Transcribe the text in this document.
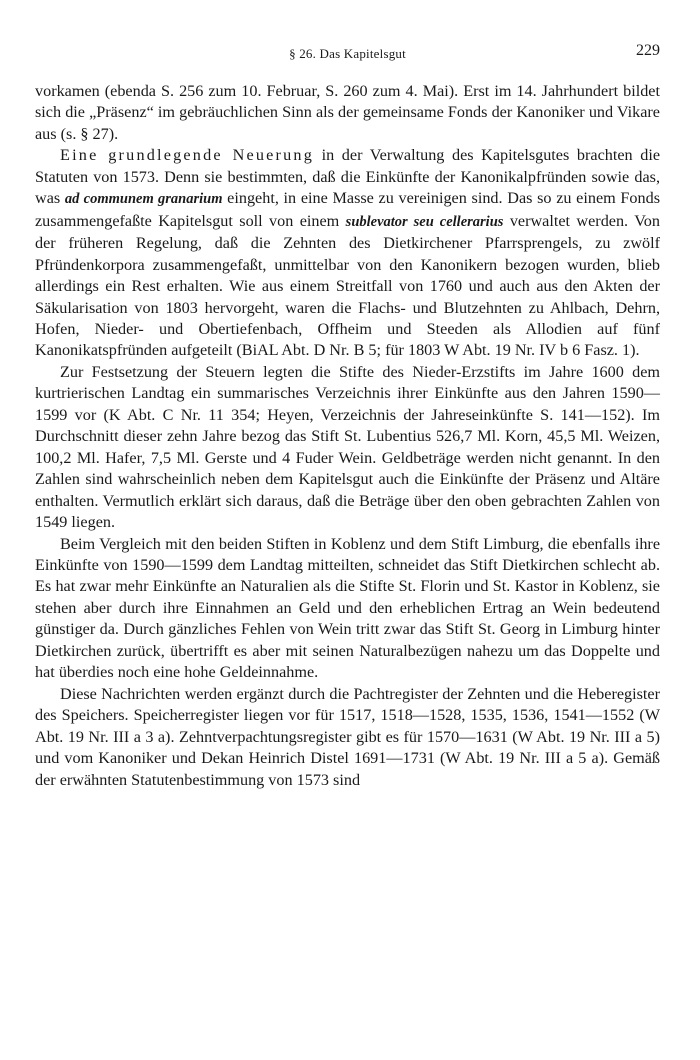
§ 26. Das Kapitelsgut	229

vorkamen (ebenda S. 256 zum 10. Februar, S. 260 zum 4. Mai). Erst im 14. Jahrhundert bildet sich die „Präsenz“ im gebräuchlichen Sinn als der gemeinsame Fonds der Kanoniker und Vikare aus (s. § 27).

Eine grundlegende Neuerung in der Verwaltung des Kapitelsgutes brachten die Statuten von 1573. Denn sie bestimmten, daß die Einkünfte der Kanonikalpfründen sowie das, was ad communem granarium eingeht, in eine Masse zu vereinigen sind. Das so zu einem Fonds zusammengefaßte Kapitelsgut soll von einem sublevator seu cellerarius verwaltet werden. Von der früheren Regelung, daß die Zehnten des Dietkirchener Pfarrsprengels, zu zwölf Pfründenkorpora zusammengefaßt, unmittelbar von den Kanonikern bezogen wurden, blieb allerdings ein Rest erhalten. Wie aus einem Streitfall von 1760 und auch aus den Akten der Säkularisation von 1803 hervorgeht, waren die Flachs- und Blutzehnten zu Ahlbach, Dehrn, Hofen, Nieder- und Obertiefenbach, Offheim und Steeden als Allodien auf fünf Kanonikatspfründen aufgeteilt (BiAL Abt. D Nr. B 5; für 1803 W Abt. 19 Nr. IV b 6 Fasz. 1).

Zur Festsetzung der Steuern legten die Stifte des Nieder-Erzstifts im Jahre 1600 dem kurtrierischen Landtag ein summarisches Verzeichnis ihrer Einkünfte aus den Jahren 1590—1599 vor (K Abt. C Nr. 11 354; Heyen, Verzeichnis der Jahreseinkünfte S. 141—152). Im Durchschnitt dieser zehn Jahre bezog das Stift St. Lubentius 526,7 Ml. Korn, 45,5 Ml. Weizen, 100,2 Ml. Hafer, 7,5 Ml. Gerste und 4 Fuder Wein. Geldbeträge werden nicht genannt. In den Zahlen sind wahrscheinlich neben dem Kapitelsgut auch die Einkünfte der Präsenz und Altäre enthalten. Vermutlich erklärt sich daraus, daß die Beträge über den oben gebrachten Zahlen von 1549 liegen.

Beim Vergleich mit den beiden Stiften in Koblenz und dem Stift Limburg, die ebenfalls ihre Einkünfte von 1590—1599 dem Landtag mitteilten, schneidet das Stift Dietkirchen schlecht ab. Es hat zwar mehr Einkünfte an Naturalien als die Stifte St. Florin und St. Kastor in Koblenz, sie stehen aber durch ihre Einnahmen an Geld und den erheblichen Ertrag an Wein bedeutend günstiger da. Durch gänzliches Fehlen von Wein tritt zwar das Stift St. Georg in Limburg hinter Dietkirchen zurück, übertrifft es aber mit seinen Naturalbezügen nahezu um das Doppelte und hat überdies noch eine hohe Geldeinnahme.

Diese Nachrichten werden ergänzt durch die Pachtregister der Zehnten und die Heberegister des Speichers. Speicherregister liegen vor für 1517, 1518—1528, 1535, 1536, 1541—1552 (W Abt. 19 Nr. III a 3 a). Zehntverpachtungsregister gibt es für 1570—1631 (W Abt. 19 Nr. III a 5) und vom Kanoniker und Dekan Heinrich Distel 1691—1731 (W Abt. 19 Nr. III a 5 a). Gemäß der erwähnten Statutenbestimmung von 1573 sind
